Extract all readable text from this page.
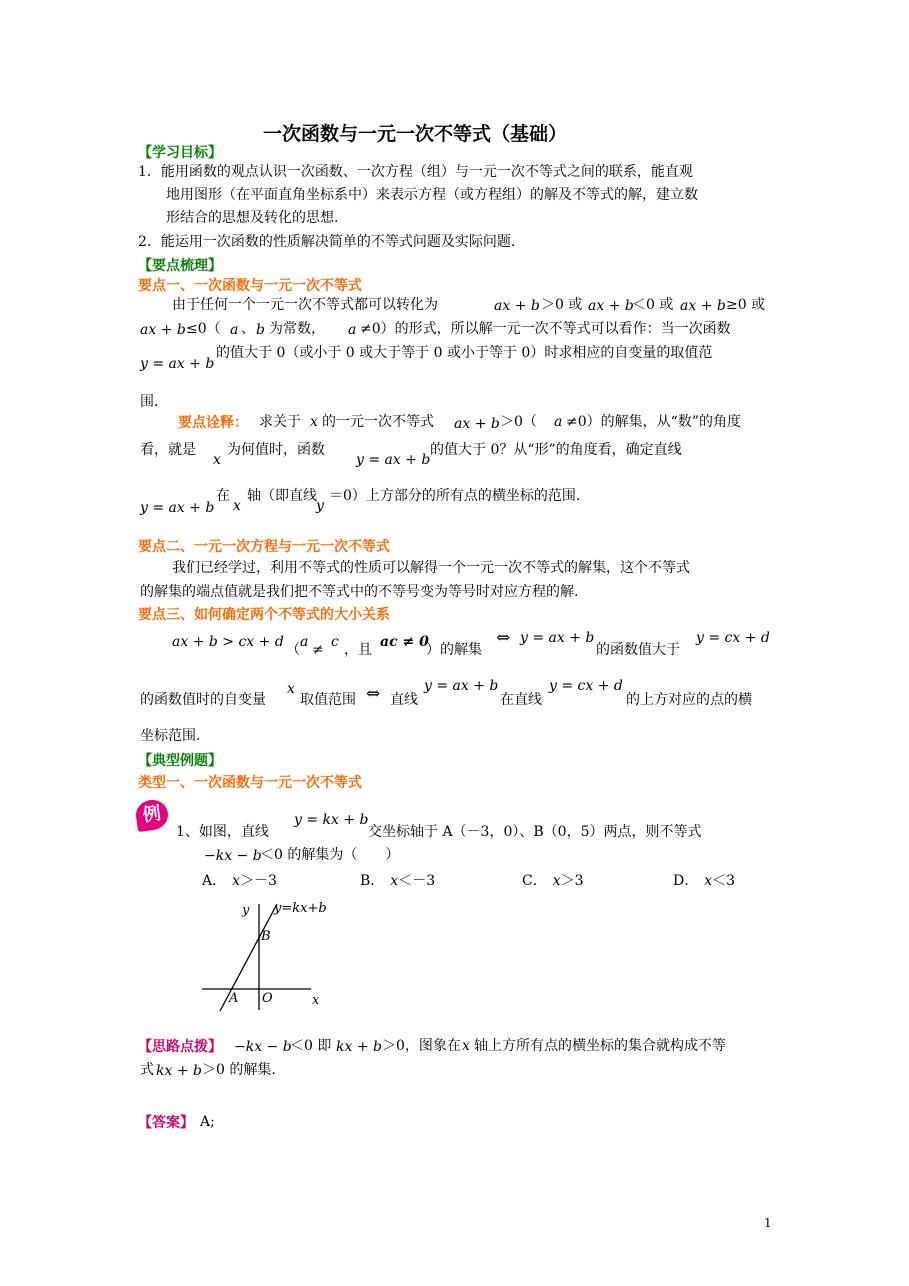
一次函数与一元一次不等式（基础）
【学习目标】
1．能用函数的观点认识一次函数、一次方程（组）与一元一次不等式之间的联系，能直观
地用图形（在平面直角坐标系中）来表示方程（或方程组）的解及不等式的解，建立数
形结合的思想及转化的思想.
2．能运用一次函数的性质解决简单的不等式问题及实际问题.
【要点梳理】
要点一、一次函数与一元一次不等式
由于任何一个一元一次不等式都可以转化为	ax + b ＞0 或 ax + b
＜0 或 ax + b ≥0 或
ax + b ≤0（ a 、 b 为常数， a ≠0）的形式，所以解一元一次不等式可以看作：当一次函数
y = ax + b
的值大于 0（或小于 0 或大于等于 0 或小于等于 0）时求相应的自变量的取值范
围.
要点诠释： 求关于 x 的一元一次不等式 ax + b ＞0（ a ≠0）的解集，从“数”的角度
看，就是
x
为何值时，函数
y = ax + b
的值大于 0？从“形”的角度看，确定直线
y = ax + b
在
x
轴（即直线
y
＝0）上方部分的所有点的横坐标的范围.
要点二、一元一次方程与一元一次不等式
我们已经学过，利用不等式的性质可以解得一个一元一次不等式的解集，这个不等式
的解集的端点值就是我们把不等式中的不等号变为等号时对应方程的解.
要点三、如何确定两个不等式的大小关系
ax + b > cx + d （ a ≠ c ，且 ac ≠ 0
）的解集
⇔ y = ax + b
的函数值大于
y = cx + d
的函数值时的自变量
x
取值范围 ⇔ 直线
y = ax + b
在直线
y = cx + d
的上方对应的点的横
坐标范围.
【典型例题】
类型一、一次函数与一元一次不等式
例
1、如图，直线
y = kx + b
交坐标轴于 A（－3，0）、B（0，5）两点，则不等式
−kx − b
＜0 的解集为（　　）
A． x＞－3	B． x＜－3	C． x＞3	D． x＜3
y y=kx+b
B
A O	x
【思路点拨】 −kx − b
＜0 即 kx + b ＞0，图象在 x 轴上方所有点的横坐标的集合就构成不等
式 kx + b ＞0 的解集.
【答案】 A;
1
